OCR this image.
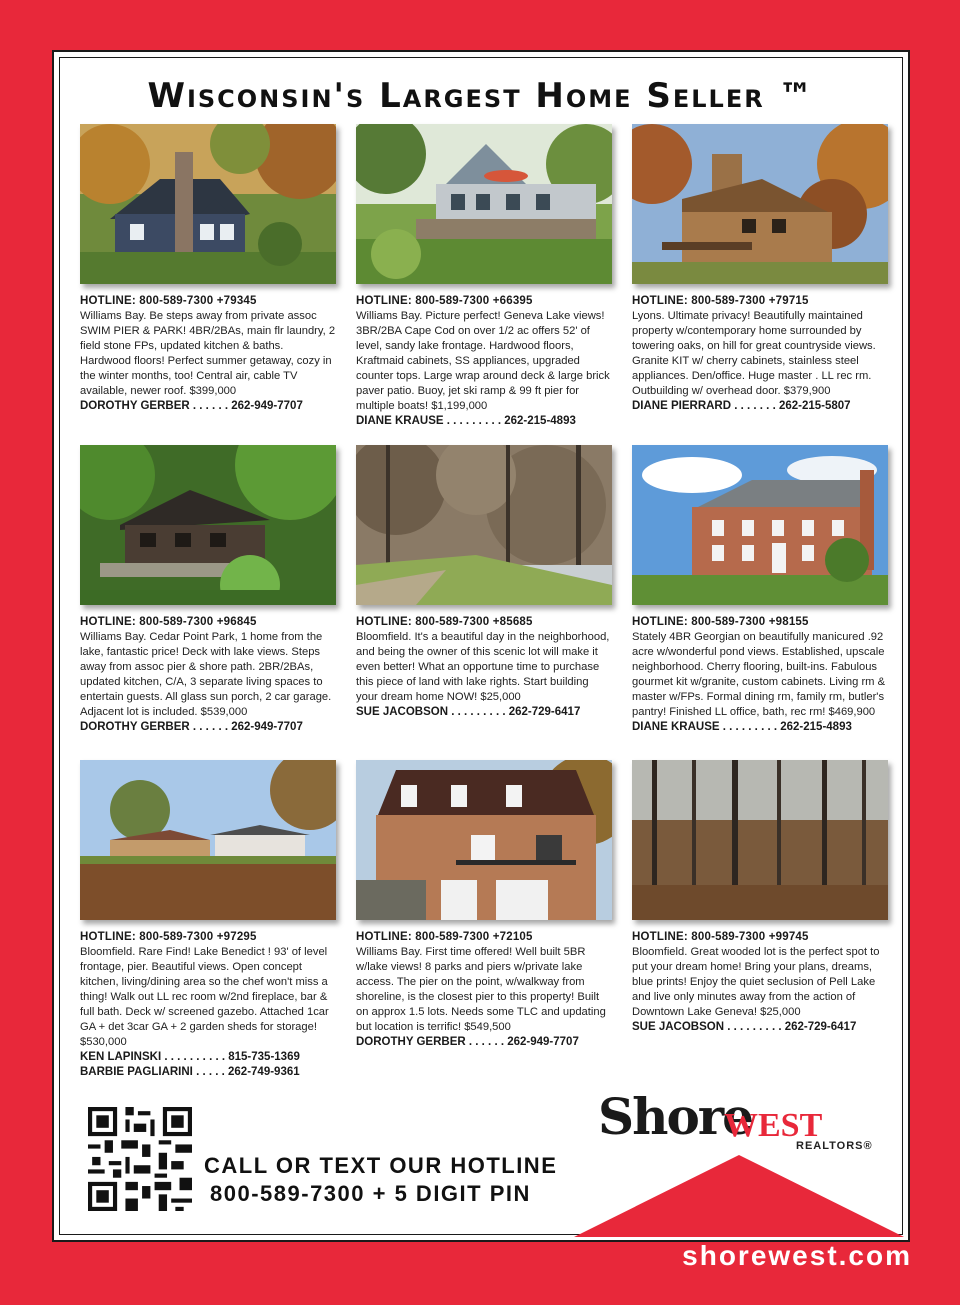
Wisconsin's Largest Home Seller ™
HOTLINE: 800-589-7300 +79345
Williams Bay. Be steps away from private assoc SWIM PIER & PARK! 4BR/2BAs, main flr laundry, 2 field stone FPs, updated kitchen & baths. Hardwood floors! Perfect summer getaway, cozy in the winter months, too! Central air, cable TV available, newer roof. $399,000
DOROTHY GERBER . . . . . . 262-949-7707
HOTLINE: 800-589-7300 +66395
Williams Bay. Picture perfect! Geneva Lake views! 3BR/2BA Cape Cod on over 1/2 ac offers 52' of level, sandy lake frontage. Hardwood floors, Kraftmaid cabinets, SS appliances, upgraded counter tops. Large wrap around deck & large brick paver patio. Buoy, jet ski ramp & 99 ft pier for multiple boats! $1,199,000
DIANE KRAUSE . . . . . . . . . 262-215-4893
HOTLINE: 800-589-7300 +79715
Lyons. Ultimate privacy! Beautifully maintained property w/contemporary home surrounded by towering oaks, on hill for great countryside views. Granite KIT w/ cherry cabinets, stainless steel appliances. Den/office. Huge master . LL rec rm. Outbuilding w/ overhead door. $379,900
DIANE PIERRARD . . . . . . . 262-215-5807
HOTLINE: 800-589-7300 +96845
Williams Bay. Cedar Point Park, 1 home from the lake, fantastic price! Deck with lake views. Steps away from assoc pier & shore path. 2BR/2BAs, updated kitchen, C/A, 3 separate living spaces to entertain guests. All glass sun porch, 2 car garage. Adjacent lot is included. $539,000
DOROTHY GERBER . . . . . . 262-949-7707
HOTLINE: 800-589-7300 +85685
Bloomfield. It's a beautiful day in the neighborhood, and being the owner of this scenic lot will make it even better! What an opportune time to purchase this piece of land with lake rights. Start building your dream home NOW! $25,000
SUE JACOBSON . . . . . . . . . 262-729-6417
HOTLINE: 800-589-7300 +98155
Stately 4BR Georgian on beautifully manicured .92 acre w/wonderful pond views. Established, upscale neighborhood. Cherry flooring, built-ins. Fabulous gourmet kit w/granite, custom cabinets. Living rm & master w/FPs. Formal dining rm, family rm, butler's pantry! Finished LL office, bath, rec rm! $469,900
DIANE KRAUSE . . . . . . . . . 262-215-4893
HOTLINE: 800-589-7300 +97295
Bloomfield. Rare Find! Lake Benedict ! 93' of level frontage, pier. Beautiful views. Open concept kitchen, living/dining area so the chef won't miss a thing! Walk out LL rec room w/2nd fireplace, bar & full bath. Deck w/ screened gazebo. Attached 1car GA + det 3car GA + 2 garden sheds for storage! $530,000
KEN LAPINSKI . . . . . . . . . . 815-735-1369
BARBIE PAGLIARINI . . . . . 262-749-9361
HOTLINE: 800-589-7300 +72105
Williams Bay. First time offered! Well built 5BR w/lake views! 8 parks and piers w/private lake access. The pier on the point, w/walkway from shoreline, is the closest pier to this property! Built on approx 1.5 lots. Needs some TLC and updating but location is terrific! $549,500
DOROTHY GERBER . . . . . . 262-949-7707
HOTLINE: 800-589-7300 +99745
Bloomfield. Great wooded lot is the perfect spot to put your dream home! Bring your plans, dreams, blue prints! Enjoy the quiet seclusion of Pell Lake and live only minutes away from the action of Downtown Lake Geneva! $25,000
SUE JACOBSON . . . . . . . . . 262-729-6417
CALL OR TEXT OUR HOTLINE
800-589-7300 + 5 DIGIT PIN
Shore
WEST
REALTORS®
shorewest.com
